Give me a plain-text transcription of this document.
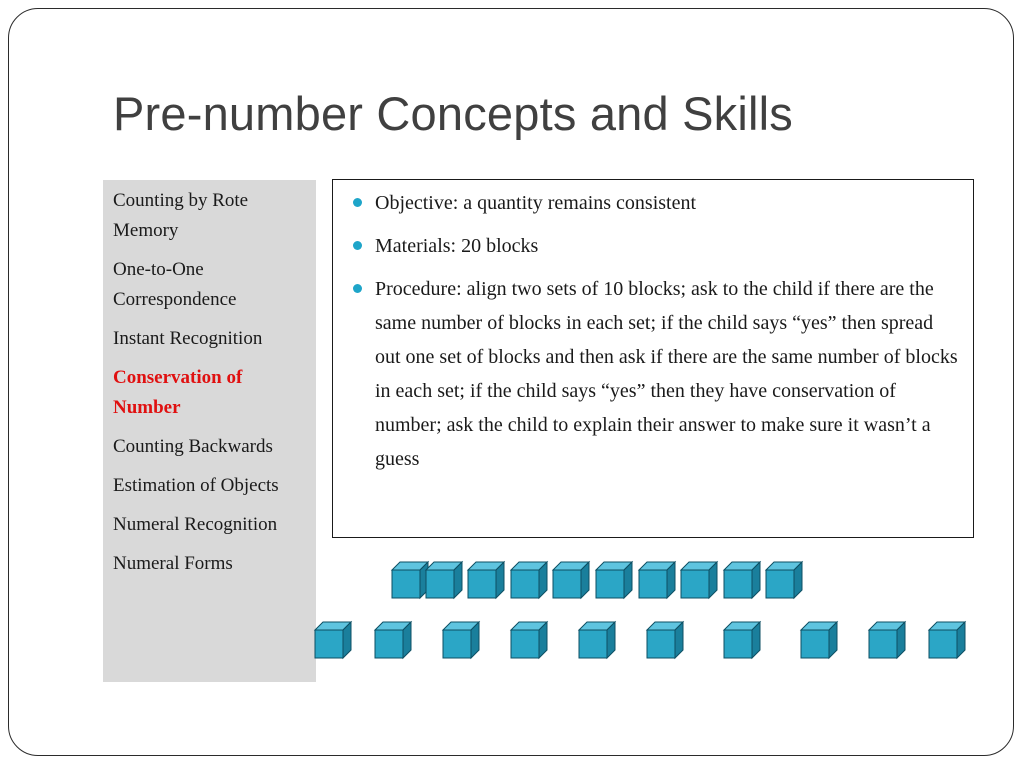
Pre-number Concepts and Skills
Counting by Rote Memory
One-to-One Correspondence
Instant Recognition
Conservation of Number
Counting Backwards
Estimation of Objects
Numeral Recognition
Numeral Forms
Objective: a quantity remains consistent
Materials: 20 blocks
Procedure: align two sets of 10 blocks; ask to the child if there are the same number of blocks in each set; if the child says “yes” then spread out one set of blocks and then ask if there are the same number of blocks in each set; if the child says “yes” then they have conservation of number; ask the child to explain their answer to make sure it wasn’t a guess
